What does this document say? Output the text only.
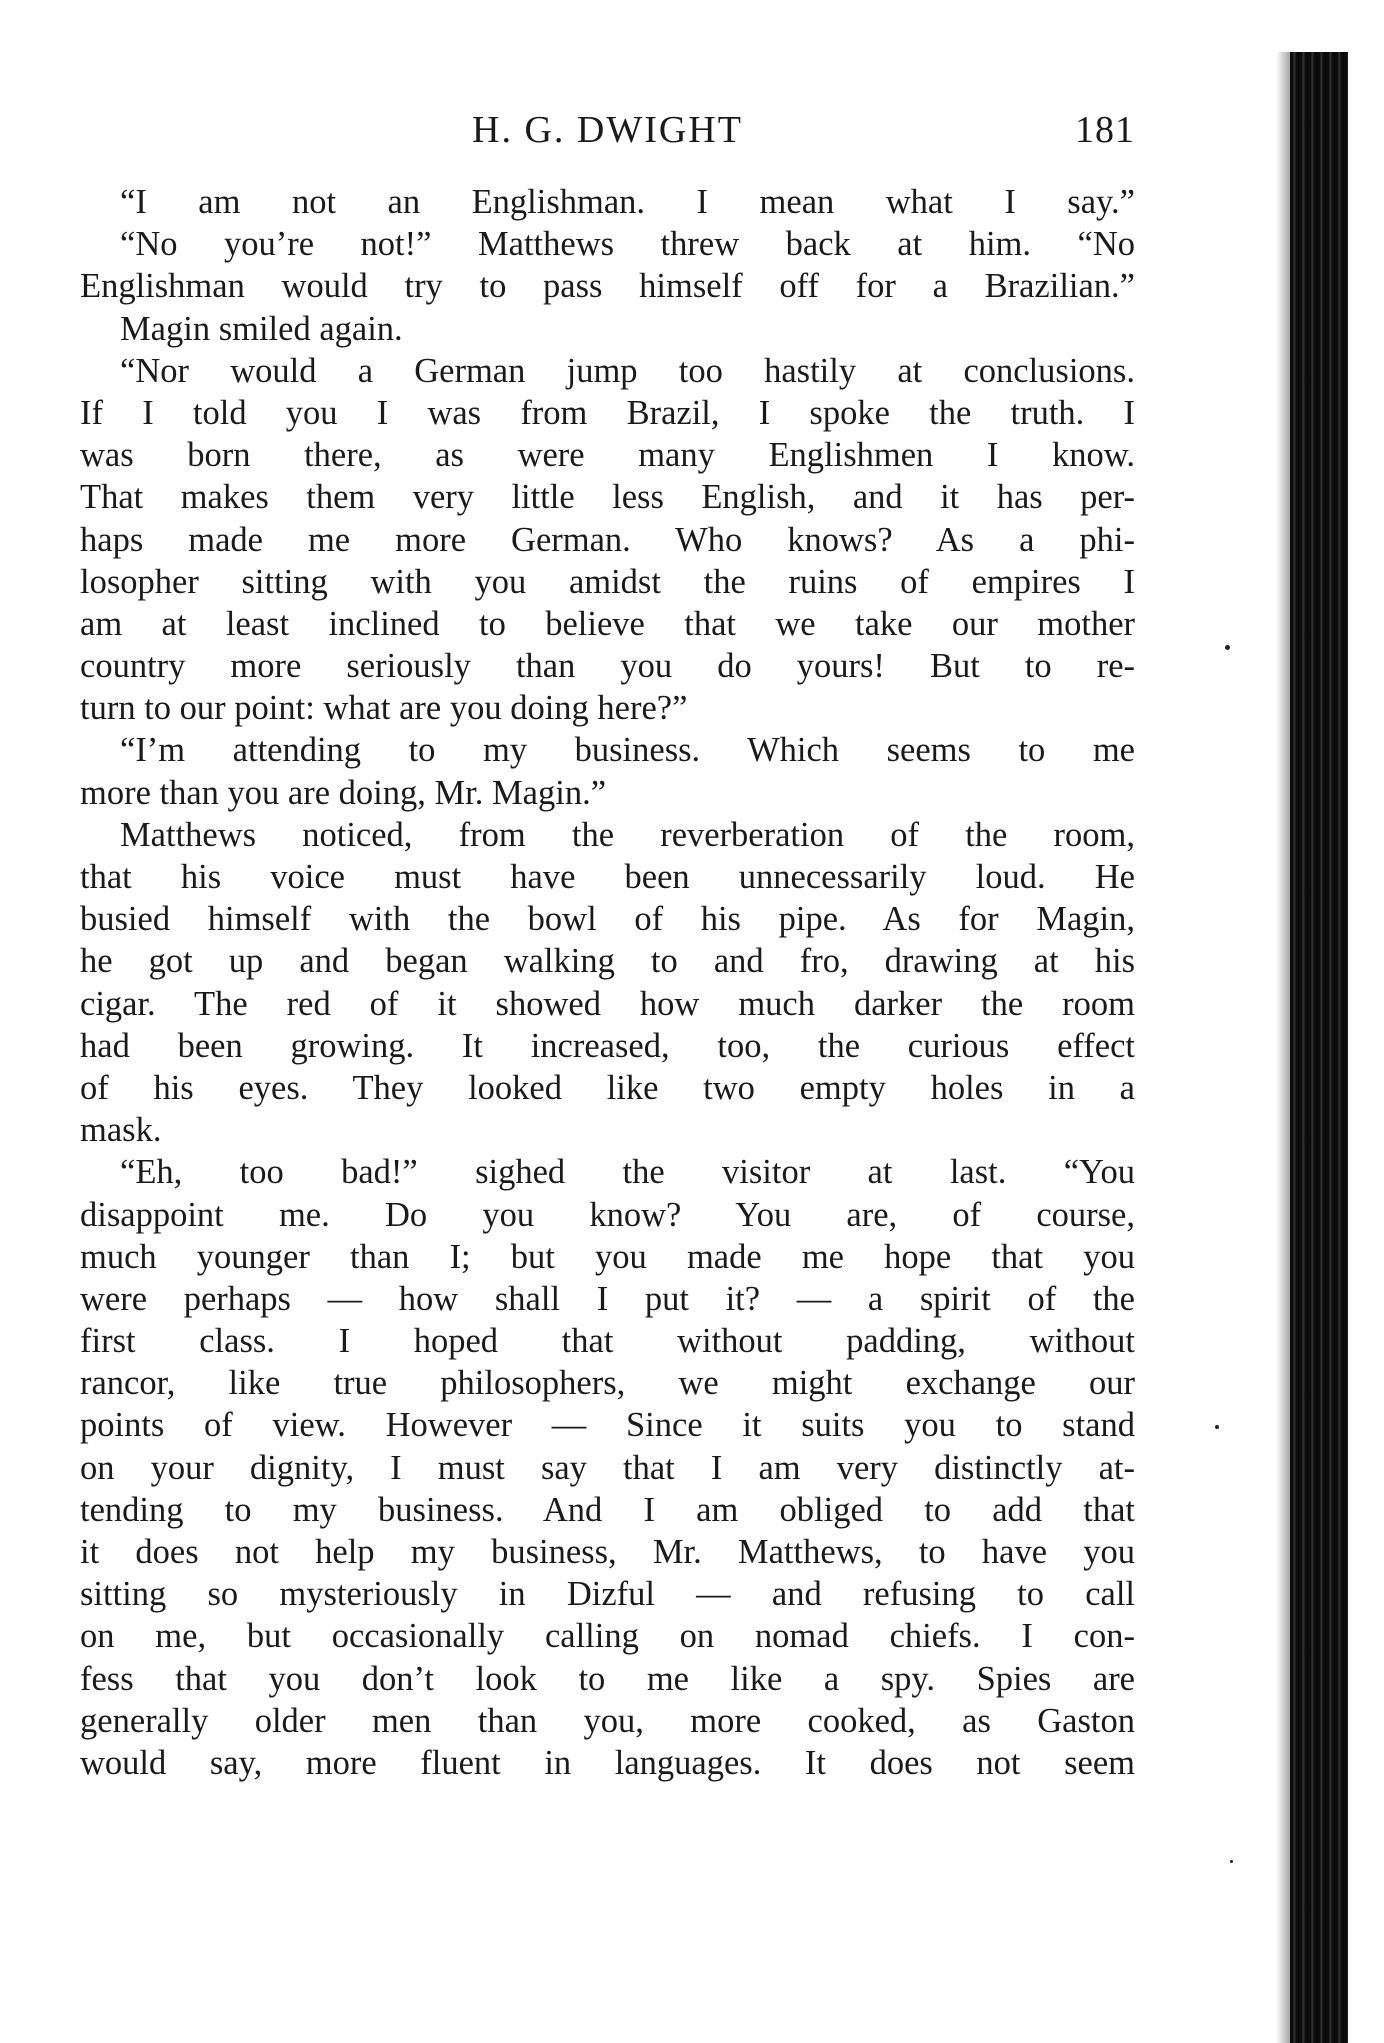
H. G. DWIGHT	181
“I am not an Englishman. I mean what I say.”
“No you’re not!” Matthews threw back at him. “No
Englishman would try to pass himself off for a Brazilian.”
Magin smiled again.
“Nor would a German jump too hastily at conclusions.
If I told you I was from Brazil, I spoke the truth. I
was born there, as were many Englishmen I know.
That makes them very little less English, and it has per-
haps made me more German. Who knows? As a phi-
losopher sitting with you amidst the ruins of empires I
am at least inclined to believe that we take our mother
country more seriously than you do yours! But to re-
turn to our point: what are you doing here?”
“I’m attending to my business. Which seems to me
more than you are doing, Mr. Magin.”
Matthews noticed, from the reverberation of the room,
that his voice must have been unnecessarily loud. He
busied himself with the bowl of his pipe. As for Magin,
he got up and began walking to and fro, drawing at his
cigar. The red of it showed how much darker the room
had been growing. It increased, too, the curious effect
of his eyes. They looked like two empty holes in a
mask.
“Eh, too bad!” sighed the visitor at last. “You
disappoint me. Do you know? You are, of course,
much younger than I; but you made me hope that you
were perhaps — how shall I put it? — a spirit of the
first class. I hoped that without padding, without
rancor, like true philosophers, we might exchange our
points of view. However — Since it suits you to stand
on your dignity, I must say that I am very distinctly at-
tending to my business. And I am obliged to add that
it does not help my business, Mr. Matthews, to have you
sitting so mysteriously in Dizful — and refusing to call
on me, but occasionally calling on nomad chiefs. I con-
fess that you don’t look to me like a spy. Spies are
generally older men than you, more cooked, as Gaston
would say, more fluent in languages. It does not seem
